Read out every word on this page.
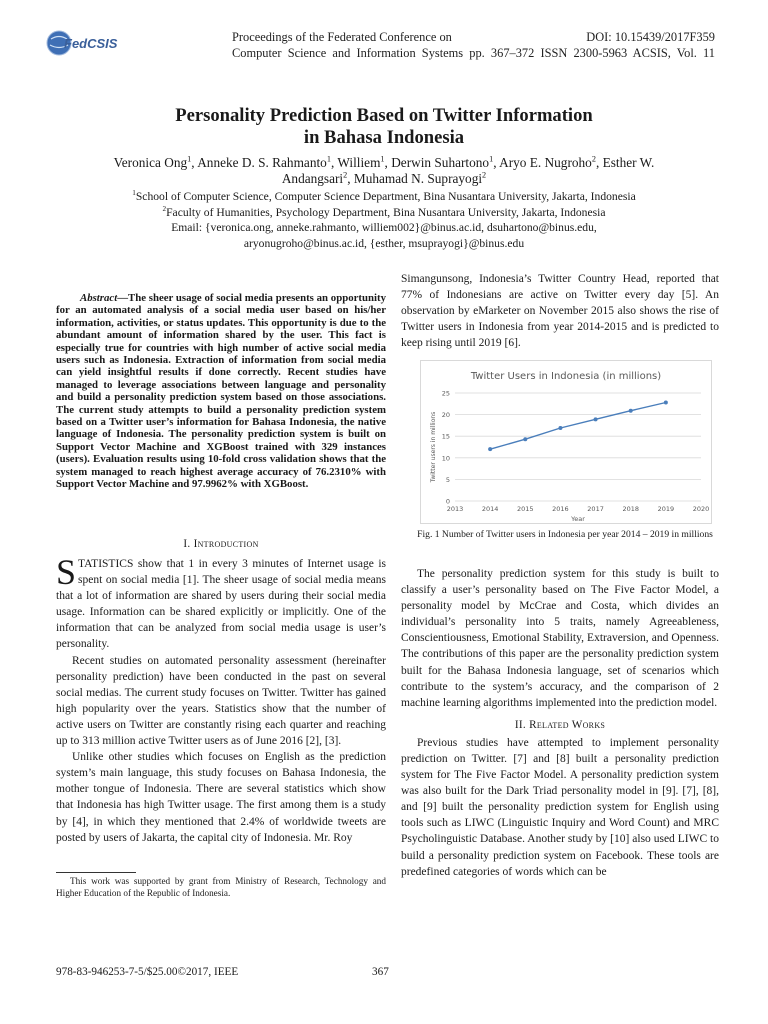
FedCSIS	Proceedings of the Federated Conference on	DOI: 10.15439/2017F359
Computer Science and Information Systems pp. 367–372 ISSN 2300-5963 ACSIS, Vol. 11
Personality Prediction Based on Twitter Information
in Bahasa Indonesia
Veronica Ong$^1$, Anneke D. S. Rahmanto$^1$, Williem$^1$, Derwin Suhartono$^1$, Aryo E. Nugroho$^2$, Esther W. Andangsari$^2$, Muhamad N. Suprayogi$^2$
$^1$School of Computer Science, Computer Science Department, Bina Nusantara University, Jakarta, Indonesia
$^2$Faculty of Humanities, Psychology Department, Bina Nusantara University, Jakarta, Indonesia
Email: {veronica.ong, anneke.rahmanto, williem002}@binus.ac.id, dsuhartono@binus.edu,
aryonugroho@binus.ac.id, {esther, msuprayogi}@binus.edu

Abstract—The sheer usage of social media presents an opportunity for an automated analysis of a social media user based on his/her information, activities, or status updates. This opportunity is due to the abundant amount of information shared by the user. This fact is especially true for countries with high number of active social media users such as Indonesia. Extraction of information from social media can yield insightful results if done correctly. Recent studies have managed to leverage associations between language and personality and build a personality prediction system based on those associations. The current study attempts to build a personality prediction system based on a Twitter user’s information for Bahasa Indonesia, the native language of Indonesia. The personality prediction system is built on Support Vector Machine and XGBoost trained with 329 instances (users). Evaluation results using 10-fold cross validation shows that the system managed to reach highest average accuracy of 76.2310% with Support Vector Machine and 97.9962% with XGBoost.

I. Introduction

STATISTICS show that 1 in every 3 minutes of Internet usage is spent on social media [1]. The sheer usage of social media means that a lot of information are shared by users during their social media usage. Information can be shared explicitly or implicitly. One of the information that can be analyzed from social media usage is user’s personality.

Recent studies on automated personality assessment (hereinafter personality prediction) have been conducted in the past on several social medias. The current study focuses on Twitter. Twitter has gained high popularity over the years. Statistics show that the number of active users on Twitter are constantly rising each quarter and reaching up to 313 million active Twitter users as of June 2016 [2], [3].

Unlike other studies which focuses on English as the prediction system’s main language, this study focuses on Bahasa Indonesia, the mother tongue of Indonesia. There are several statistics which show that Indonesia has high Twitter usage. The first among them is a study by [4], in which they mentioned that 2.4% of worldwide tweets are posted by users of Jakarta, the capital city of Indonesia. Mr. Roy

This work was supported by grant from Ministry of Research, Technology and Higher Education of the Republic of Indonesia.

Simangunsong, Indonesia’s Twitter Country Head, reported that 77% of Indonesians are active on Twitter every day [5]. An observation by eMarketer on November 2015 also shows the rise of Twitter users in Indonesia from year 2014-2015 and is predicted to keep rising until 2019 [6].

Twitter Users in Indonesia (in millions)
0
5
10
15
20
25
2013	2014	2015	2016	2017	2018	2019	2020
Year
Twitter users in millions

Fig. 1 Number of Twitter users in Indonesia per year 2014 – 2019 in millions

The personality prediction system for this study is built to classify a user’s personality based on The Five Factor Model, a personality model by McCrae and Costa, which divides an individual’s personality into 5 traits, namely Agreeableness, Conscientiousness, Emotional Stability, Extraversion, and Openness. The contributions of this paper are the personality prediction system built for the Bahasa Indonesia language, set of scenarios which contribute to the system’s accuracy, and the comparison of 2 machine learning algorithms implemented into the prediction model.

II. Related Works

Previous studies have attempted to implement personality prediction on Twitter. [7] and [8] built a personality prediction system for The Five Factor Model. A personality prediction system was also built for the Dark Triad personality model in [9]. [7], [8], and [9] built the personality prediction system for English using tools such as LIWC (Linguistic Inquiry and Word Count) and MRC Psycholinguistic Database. Another study by [10] also used LIWC to build a personality prediction system on Facebook. These tools are predefined categories of words which can be

978-83-946253-7-5/$25.00©2017, IEEE	367
